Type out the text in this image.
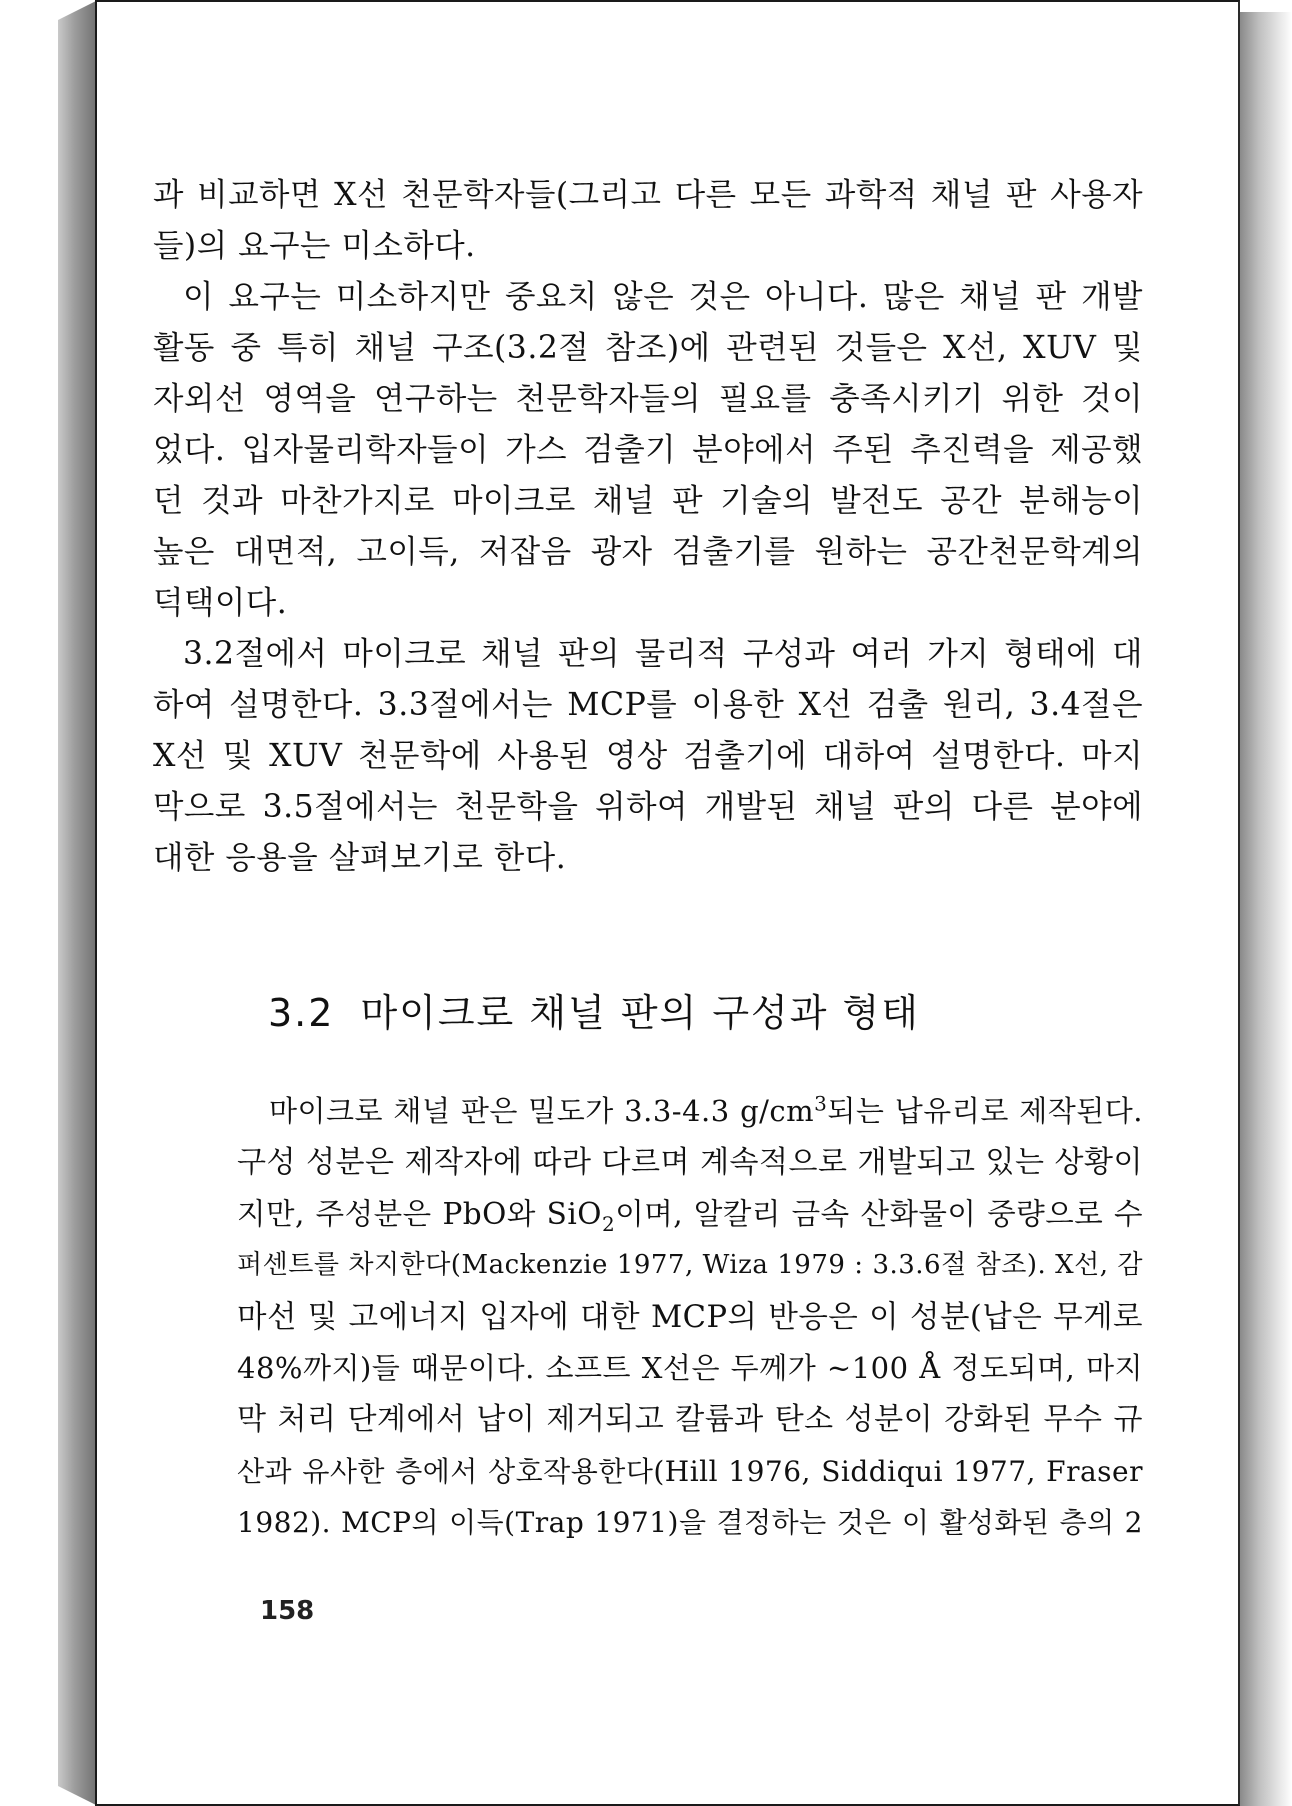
과 비교하면 X선 천문학자들(그리고 다른 모든 과학적 채널 판 사용자
들)의 요구는 미소하다.
이 요구는 미소하지만 중요치 않은 것은 아니다. 많은 채널 판 개발
활동 중 특히 채널 구조(3.2절 참조)에 관련된 것들은 X선, XUV 및
자외선 영역을 연구하는 천문학자들의 필요를 충족시키기 위한 것이
었다. 입자물리학자들이 가스 검출기 분야에서 주된 추진력을 제공했
던 것과 마찬가지로 마이크로 채널 판 기술의 발전도 공간 분해능이
높은 대면적, 고이득, 저잡음 광자 검출기를 원하는 공간천문학계의
덕택이다.
3.2절에서 마이크로 채널 판의 물리적 구성과 여러 가지 형태에 대
하여 설명한다. 3.3절에서는 MCP를 이용한 X선 검출 원리, 3.4절은
X선 및 XUV 천문학에 사용된 영상 검출기에 대하여 설명한다. 마지
막으로 3.5절에서는 천문학을 위하여 개발된 채널 판의 다른 분야에
대한 응용을 살펴보기로 한다.
3.2 마이크로 채널 판의 구성과 형태
마이크로 채널 판은 밀도가 3.3-4.3 $g/cm^3$되는 납유리로 제작된다.
구성 성분은 제작자에 따라 다르며 계속적으로 개발되고 있는 상황이
지만, 주성분은 PbO와 SiO$_2$이며, 알칼리 금속 산화물이 중량으로 수
퍼센트를 차지한다(Mackenzie 1977, Wiza 1979 : 3.3.6절 참조). X선, 감
마선 및 고에너지 입자에 대한 MCP의 반응은 이 성분(납은 무게로
48%까지)들 때문이다. 소프트 X선은 두께가 ~100 Å 정도되며, 마지
막 처리 단계에서 납이 제거되고 칼륨과 탄소 성분이 강화된 무수 규
산과 유사한 층에서 상호작용한다(Hill 1976, Siddiqui 1977, Fraser
1982). MCP의 이득(Trap 1971)을 결정하는 것은 이 활성화된 층의 2
158
